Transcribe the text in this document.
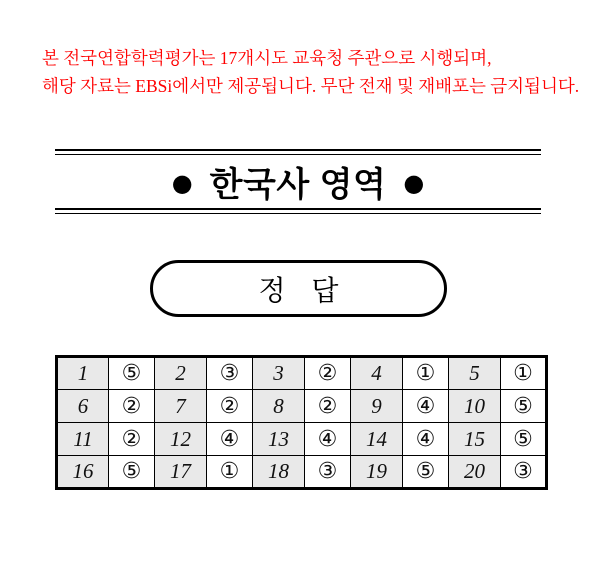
본 전국연합학력평가는 17개시도 교육청 주관으로 시행되며,
해당 자료는 EBSi에서만 제공됩니다. 무단 전재 및 재배포는 금지됩니다.
● 한국사 영역 ●
정 답
1	⑤	2	③	3	②	4	①	5	①
6	②	7	②	8	②	9	④	10	⑤
11	②	12	④	13	④	14	④	15	⑤
16	⑤	17	①	18	③	19	⑤	20	③
